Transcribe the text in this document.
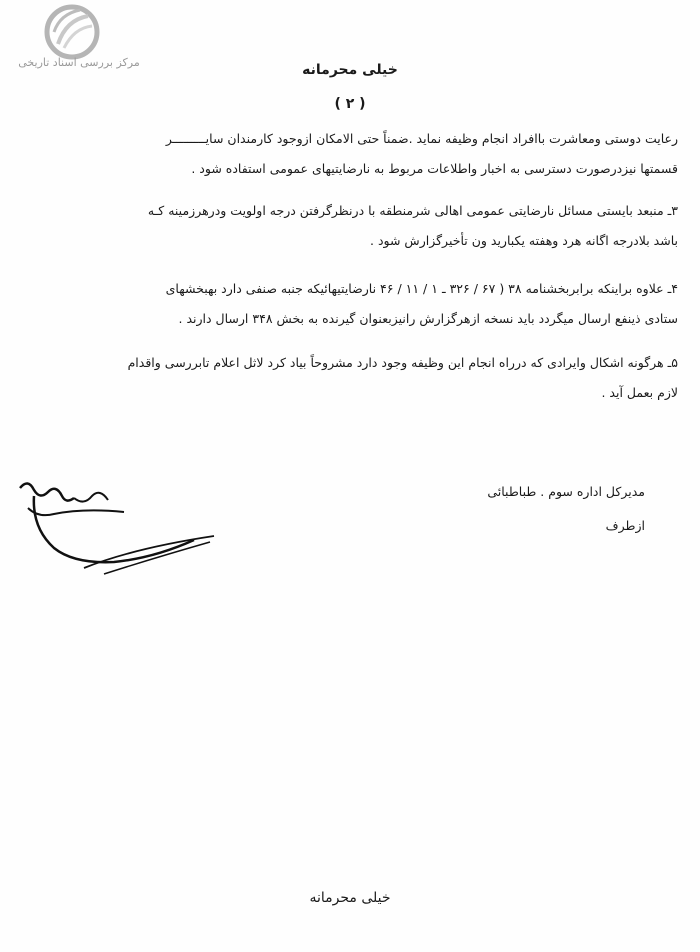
مرکز بررسی اسناد تاریخی	خیلی محرمانه
( ۲ )
رعایت دوستی ومعاشرت باافراد انجام وظیفه نماید .ضمناً حتی الامکان ازوجود کارمندان سایـــــــــر
قسمتها نیزدرصورت دسترسی به اخبار واطلاعات مربوط به نارضایتیهای عمومی استفاده شود .
۳ـ منبعد بایستی مسائل نارضایتی عمومی اهالی شرمنطقه با درنظرگرفتن درجه اولویت ودرهرزمینه کـه
باشد بلادرجه اگانه هرد وهفته یکبارید ون تأخیرگزارش شود .
۴ـ علاوه براینکه برابربخشنامه ۳۸ ( ۶۷ / ۳۲۶ ـ ۱ / ۱۱ / ۴۶ نارضایتیهائیکه جنبه صنفی دارد بهبخشهای
ستادی ذینفع ارسال میگردد باید نسخه ازهرگزارش رانیزبعنوان گیرنده به بخش ۳۴۸ ارسال دارند .
۵ـ هرگونه اشکال وایرادی که درراه انجام این وظیفه وجود دارد مشروحاً بیاد کرد لاثل اعلام تابررسی واقدام
لازم بعمل آید .
مدیرکل اداره سوم . طباطبائی
ازطرف
خیلی محرمانه
